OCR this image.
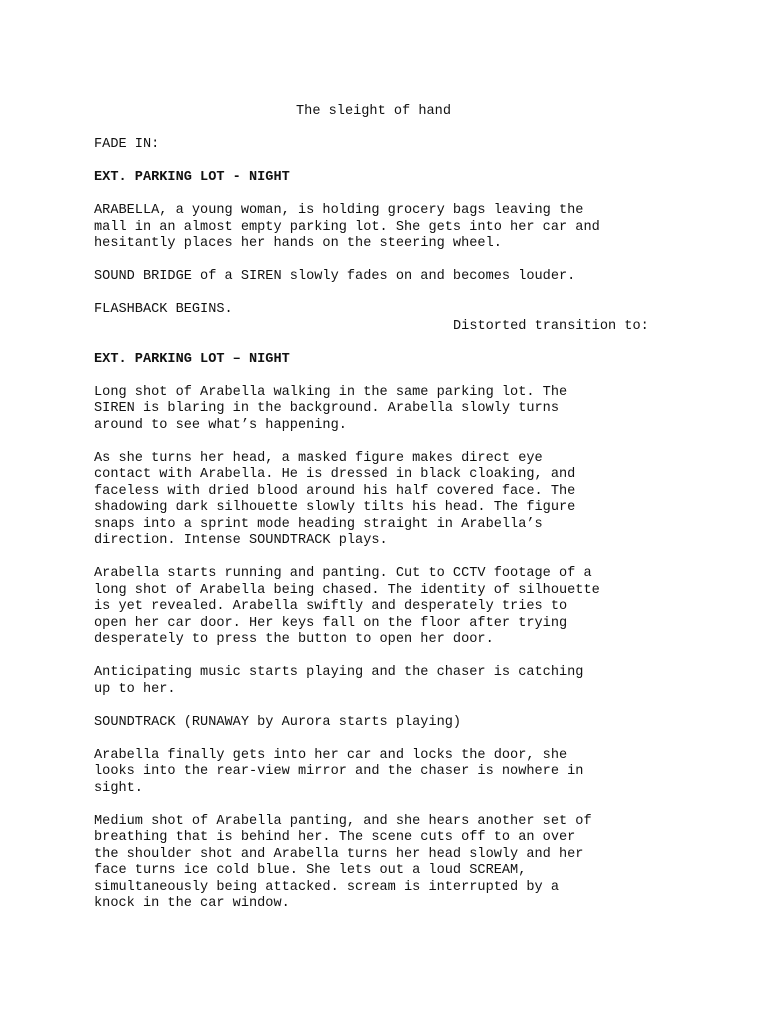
The sleight of hand
FADE IN:
EXT. PARKING LOT - NIGHT
ARABELLA, a young woman, is holding grocery bags leaving the
mall in an almost empty parking lot. She gets into her car and
hesitantly places her hands on the steering wheel.
SOUND BRIDGE of a SIREN slowly fades on and becomes louder.
FLASHBACK BEGINS.
Distorted transition to:
EXT. PARKING LOT – NIGHT
Long shot of Arabella walking in the same parking lot. The
SIREN is blaring in the background. Arabella slowly turns
around to see what’s happening.
As she turns her head, a masked figure makes direct eye
contact with Arabella. He is dressed in black cloaking, and
faceless with dried blood around his half covered face. The
shadowing dark silhouette slowly tilts his head. The figure
snaps into a sprint mode heading straight in Arabella’s
direction. Intense SOUNDTRACK plays.
Arabella starts running and panting. Cut to CCTV footage of a
long shot of Arabella being chased. The identity of silhouette
is yet revealed. Arabella swiftly and desperately tries to
open her car door. Her keys fall on the floor after trying
desperately to press the button to open her door.
Anticipating music starts playing and the chaser is catching
up to her.
SOUNDTRACK (RUNAWAY by Aurora starts playing)
Arabella finally gets into her car and locks the door, she
looks into the rear-view mirror and the chaser is nowhere in
sight.
Medium shot of Arabella panting, and she hears another set of
breathing that is behind her. The scene cuts off to an over
the shoulder shot and Arabella turns her head slowly and her
face turns ice cold blue. She lets out a loud SCREAM,
simultaneously being attacked. scream is interrupted by a
knock in the car window.
